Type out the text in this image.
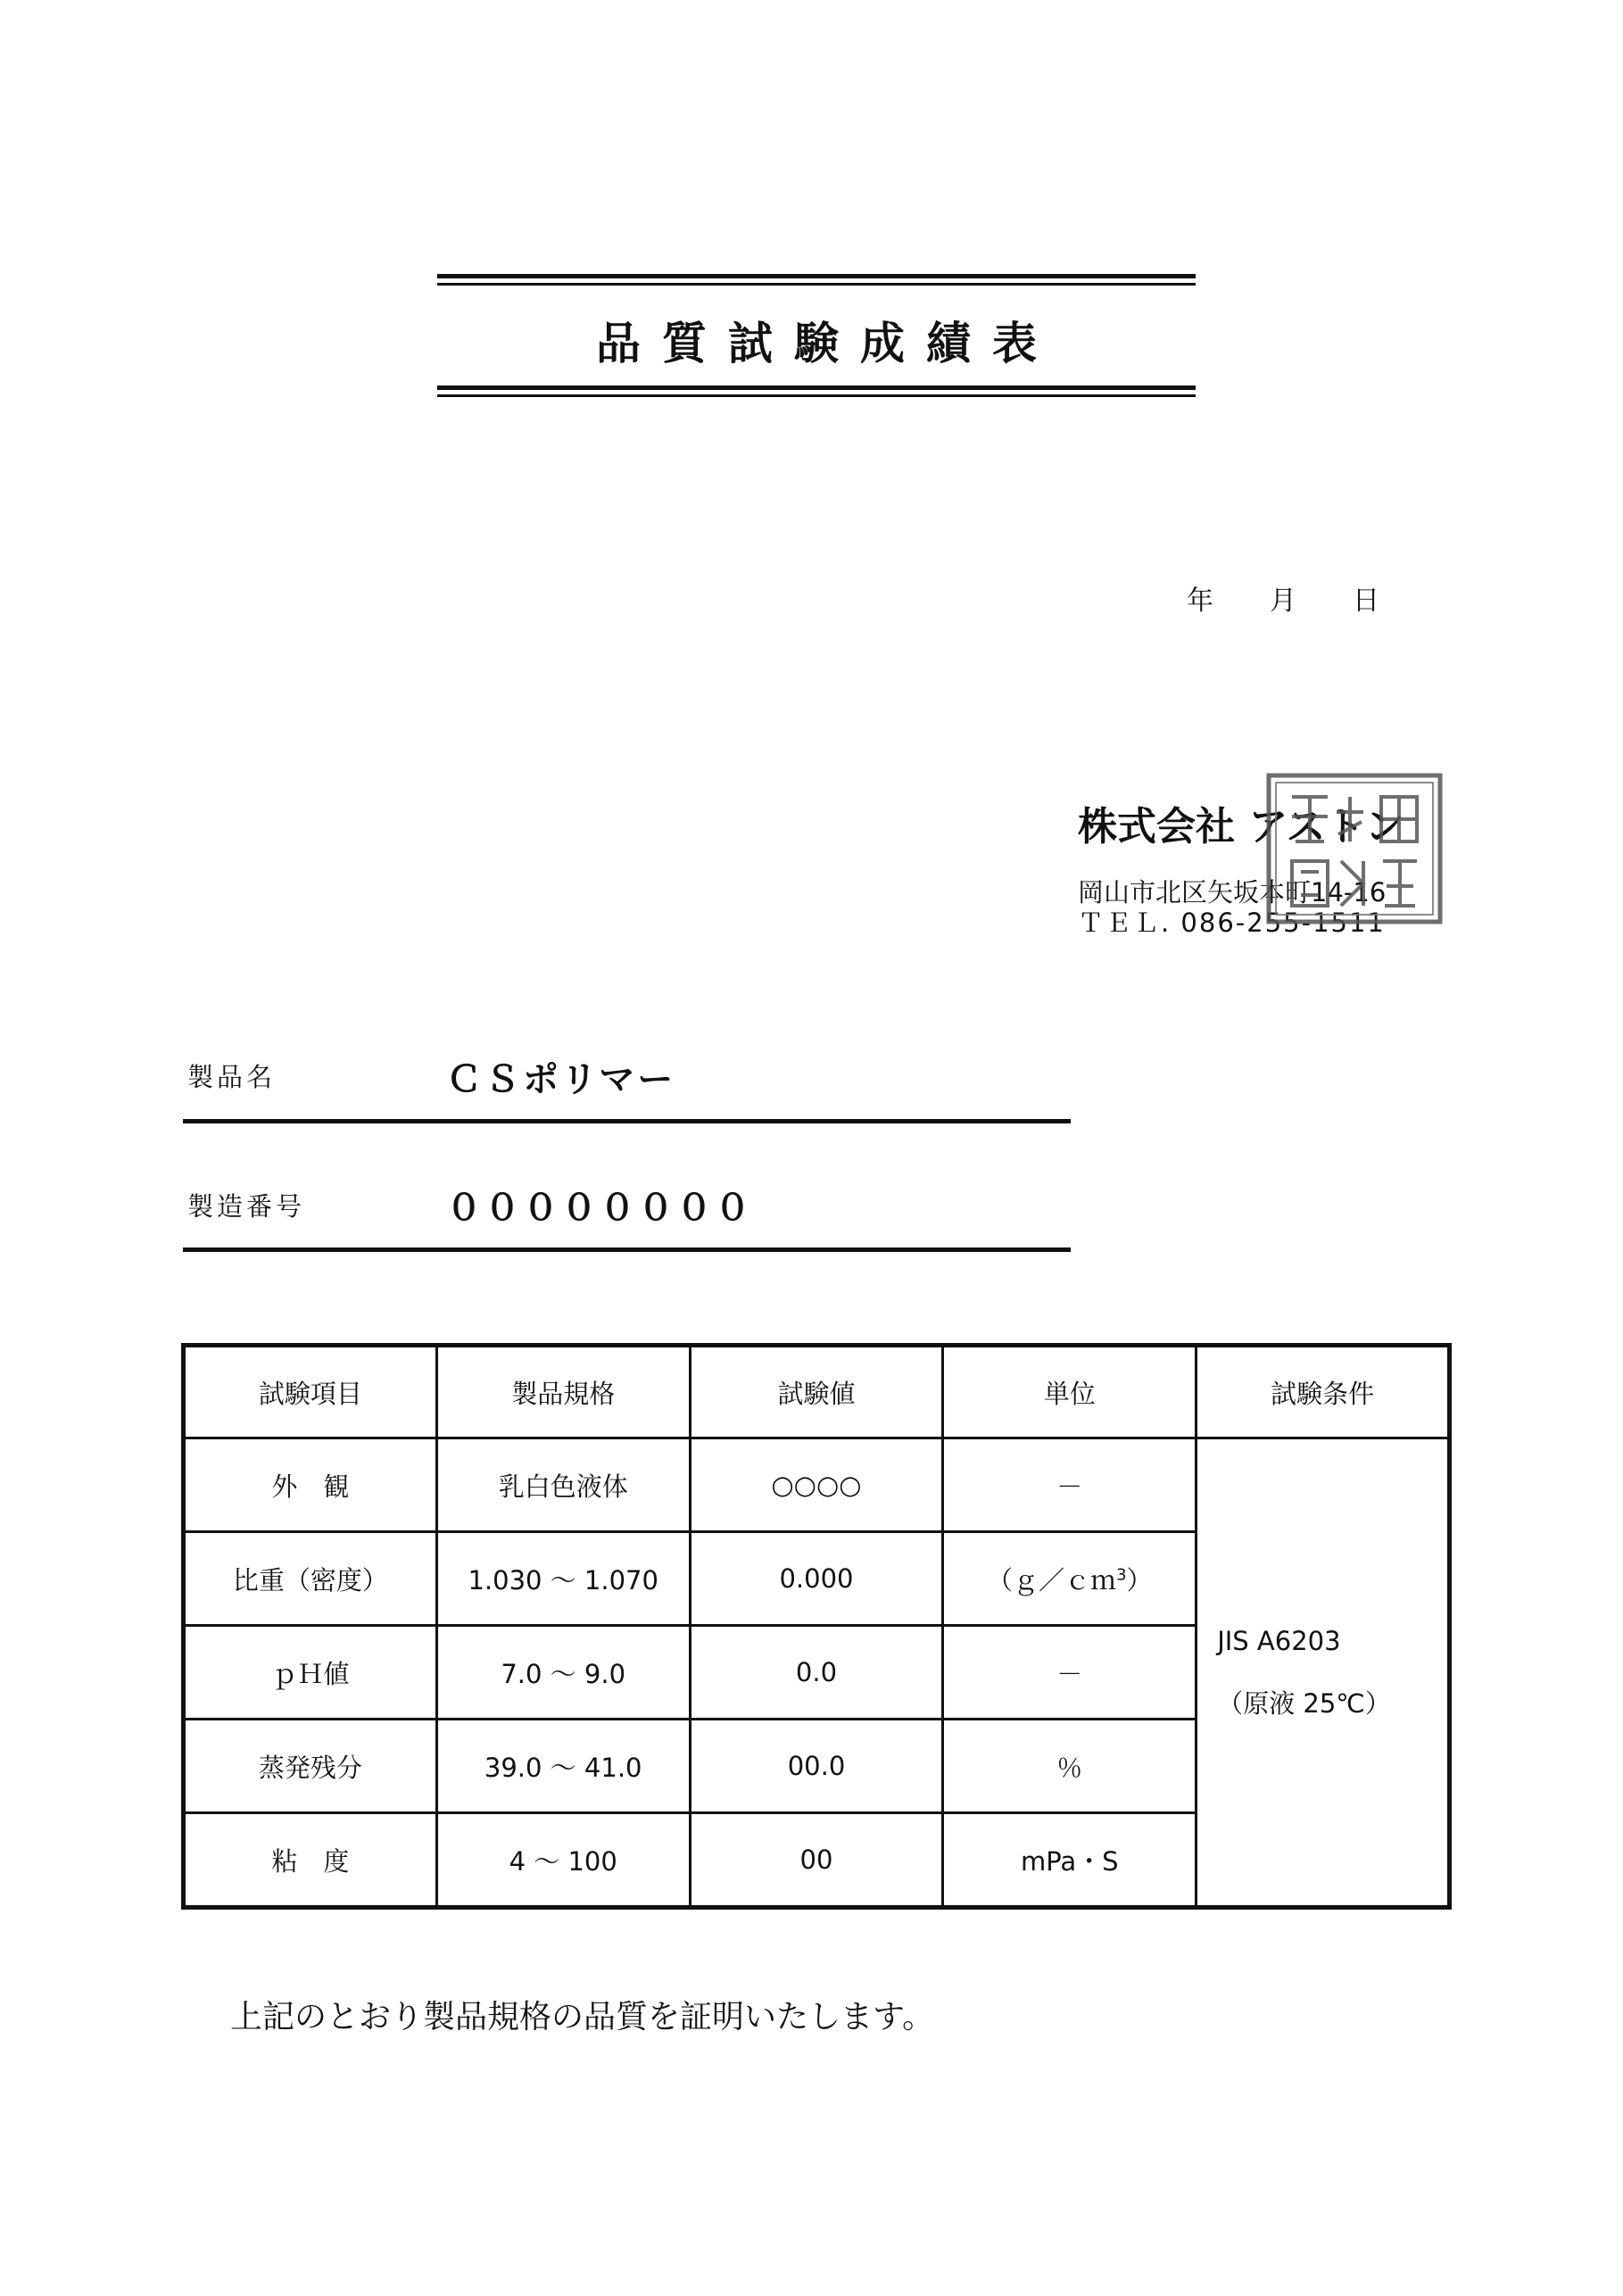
品質試験成績表
年 月 日
株式会社 アストン
岡山市北区矢坂本町14-16
ＴＥＬ. 086-255-1511
製品名	ＣＳポリマー
製造番号	００００００００
試験項目	製品規格	試験値	単位	試験条件
外　観	乳白色液体	○○○○	－	JIS A6203
（原液 25℃）

比重（密度）	1.030 ～ 1.070	0.000	（ｇ／ｃｍ$^3$）	
ｐＨ値	7.0 ～ 9.0	0.0	－	
蒸発残分	39.0 ～ 41.0	00.0	％	
粘　度	4 ～ 100	00	mPa・S	
上記のとおり製品規格の品質を証明いたします。
